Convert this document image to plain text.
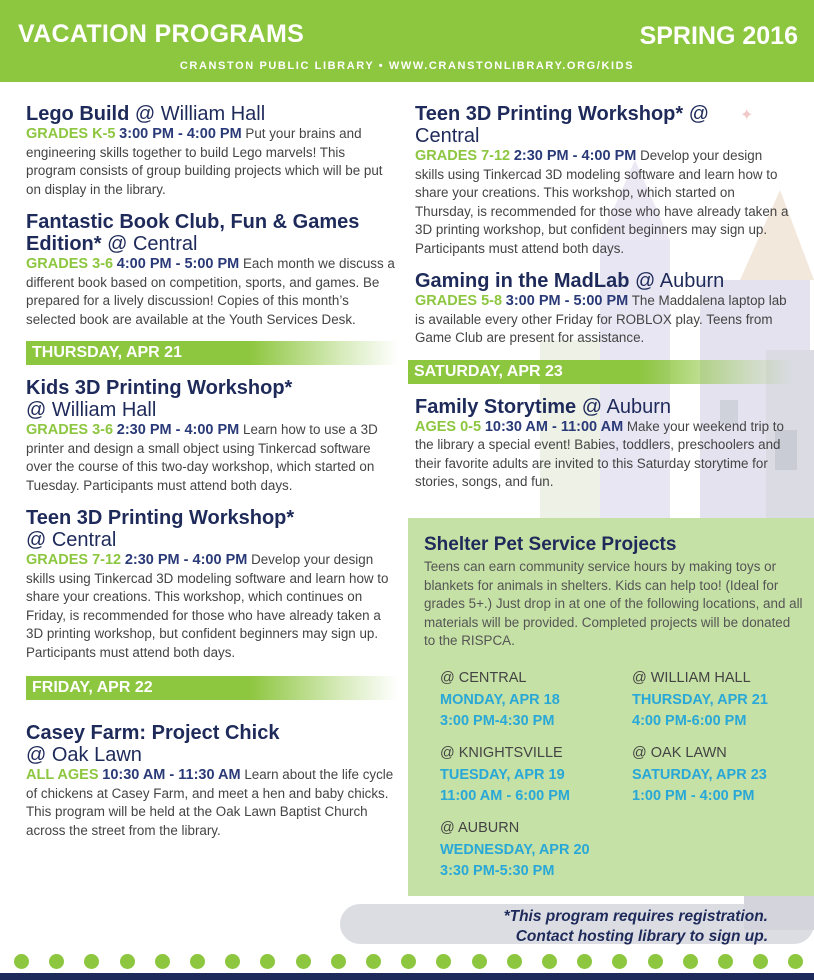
VACATION PROGRAMS	SPRING 2016
CRANSTON PUBLIC LIBRARY • WWW.CRANSTONLIBRARY.ORG/KIDS
✦
Lego Build @ William Hall
GRADES K-5 3:00 PM - 4:00 PM Put your brains and engineering skills together to build Lego marvels! This program consists of group building projects which will be put on display in the library.
Fantastic Book Club, Fun & Games Edition* @ Central
GRADES 3-6 4:00 PM - 5:00 PM Each month we discuss a different book based on competition, sports, and games. Be prepared for a lively discussion! Copies of this month’s selected book are available at the Youth Services Desk.
THURSDAY, APR 21
Kids 3D Printing Workshop*
@ William Hall
GRADES 3-6 2:30 PM - 4:00 PM Learn how to use a 3D printer and design a small object using Tinkercad software over the course of this two-day workshop, which started on Tuesday. Participants must attend both days.
Teen 3D Printing Workshop*
@ Central
GRADES 7-12 2:30 PM - 4:00 PM Develop your design skills using Tinkercad 3D modeling software and learn how to share your creations. This workshop, which continues on Friday, is recommended for those who have already taken a 3D printing workshop, but confident beginners may sign up. Participants must attend both days.
FRIDAY, APR 22
Casey Farm: Project Chick
@ Oak Lawn
ALL AGES 10:30 AM - 11:30 AM Learn about the life cycle of chickens at Casey Farm, and meet a hen and baby chicks. This program will be held at the Oak Lawn Baptist Church across the street from the library.
Teen 3D Printing Workshop* @
Central
GRADES 7-12 2:30 PM - 4:00 PM Develop your design skills using Tinkercad 3D modeling software and learn how to share your creations. This workshop, which started on Thursday, is recommended for those who have already taken a 3D printing workshop, but confident beginners may sign up. Participants must attend both days.
Gaming in the MadLab @ Auburn
GRADES 5-8 3:00 PM - 5:00 PM The Maddalena laptop lab is available every other Friday for ROBLOX play. Teens from Game Club are present for assistance.
SATURDAY, APR 23
Family Storytime @ Auburn
AGES 0-5 10:30 AM - 11:00 AM Make your weekend trip to the library a special event! Babies, toddlers, preschoolers and their favorite adults are invited to this Saturday storytime for stories, songs, and fun.
Shelter Pet Service Projects
Teens can earn community service hours by making toys or blankets for animals in shelters. Kids can help too! (Ideal for grades 5+.) Just drop in at one of the following locations, and all materials will be provided. Completed projects will be donated to the RISPCA.
@ CENTRAL
MONDAY, APR 18
3:00 PM-4:30 PM
@ WILLIAM HALL
THURSDAY, APR 21
4:00 PM-6:00 PM
@ KNIGHTSVILLE
TUESDAY, APR 19
11:00 AM - 6:00 PM
@ OAK LAWN
SATURDAY, APR 23
1:00 PM - 4:00 PM
@ AUBURN
WEDNESDAY, APR 20
3:30 PM-5:30 PM
*This program requires registration.
Contact hosting library to sign up.
